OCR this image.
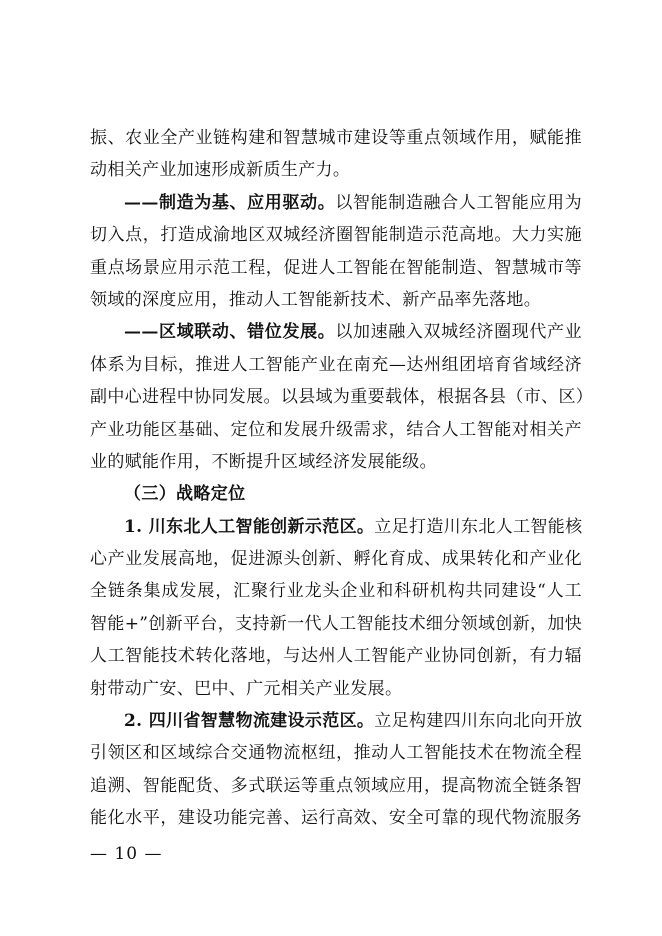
振、农业全产业链构建和智慧城市建设等重点领域作用，赋能推
动相关产业加速形成新质生产力。
——制造为基、应用驱动。以智能制造融合人工智能应用为
切入点，打造成渝地区双城经济圈智能制造示范高地。大力实施
重点场景应用示范工程，促进人工智能在智能制造、智慧城市等
领域的深度应用，推动人工智能新技术、新产品率先落地。
——区域联动、错位发展。以加速融入双城经济圈现代产业
体系为目标，推进人工智能产业在南充—达州组团培育省域经济
副中心进程中协同发展。以县域为重要载体，根据各县（市、区）
产业功能区基础、定位和发展升级需求，结合人工智能对相关产
业的赋能作用，不断提升区域经济发展能级。
（三）战略定位
1. 川东北人工智能创新示范区。立足打造川东北人工智能核
心产业发展高地，促进源头创新、孵化育成、成果转化和产业化
全链条集成发展，汇聚行业龙头企业和科研机构共同建设“人工
智能+”创新平台，支持新一代人工智能技术细分领域创新，加快
人工智能技术转化落地，与达州人工智能产业协同创新，有力辐
射带动广安、巴中、广元相关产业发展。
2. 四川省智慧物流建设示范区。立足构建四川东向北向开放
引领区和区域综合交通物流枢纽，推动人工智能技术在物流全程
追溯、智能配货、多式联运等重点领域应用，提高物流全链条智
能化水平，建设功能完善、运行高效、安全可靠的现代物流服务
— 10 —
